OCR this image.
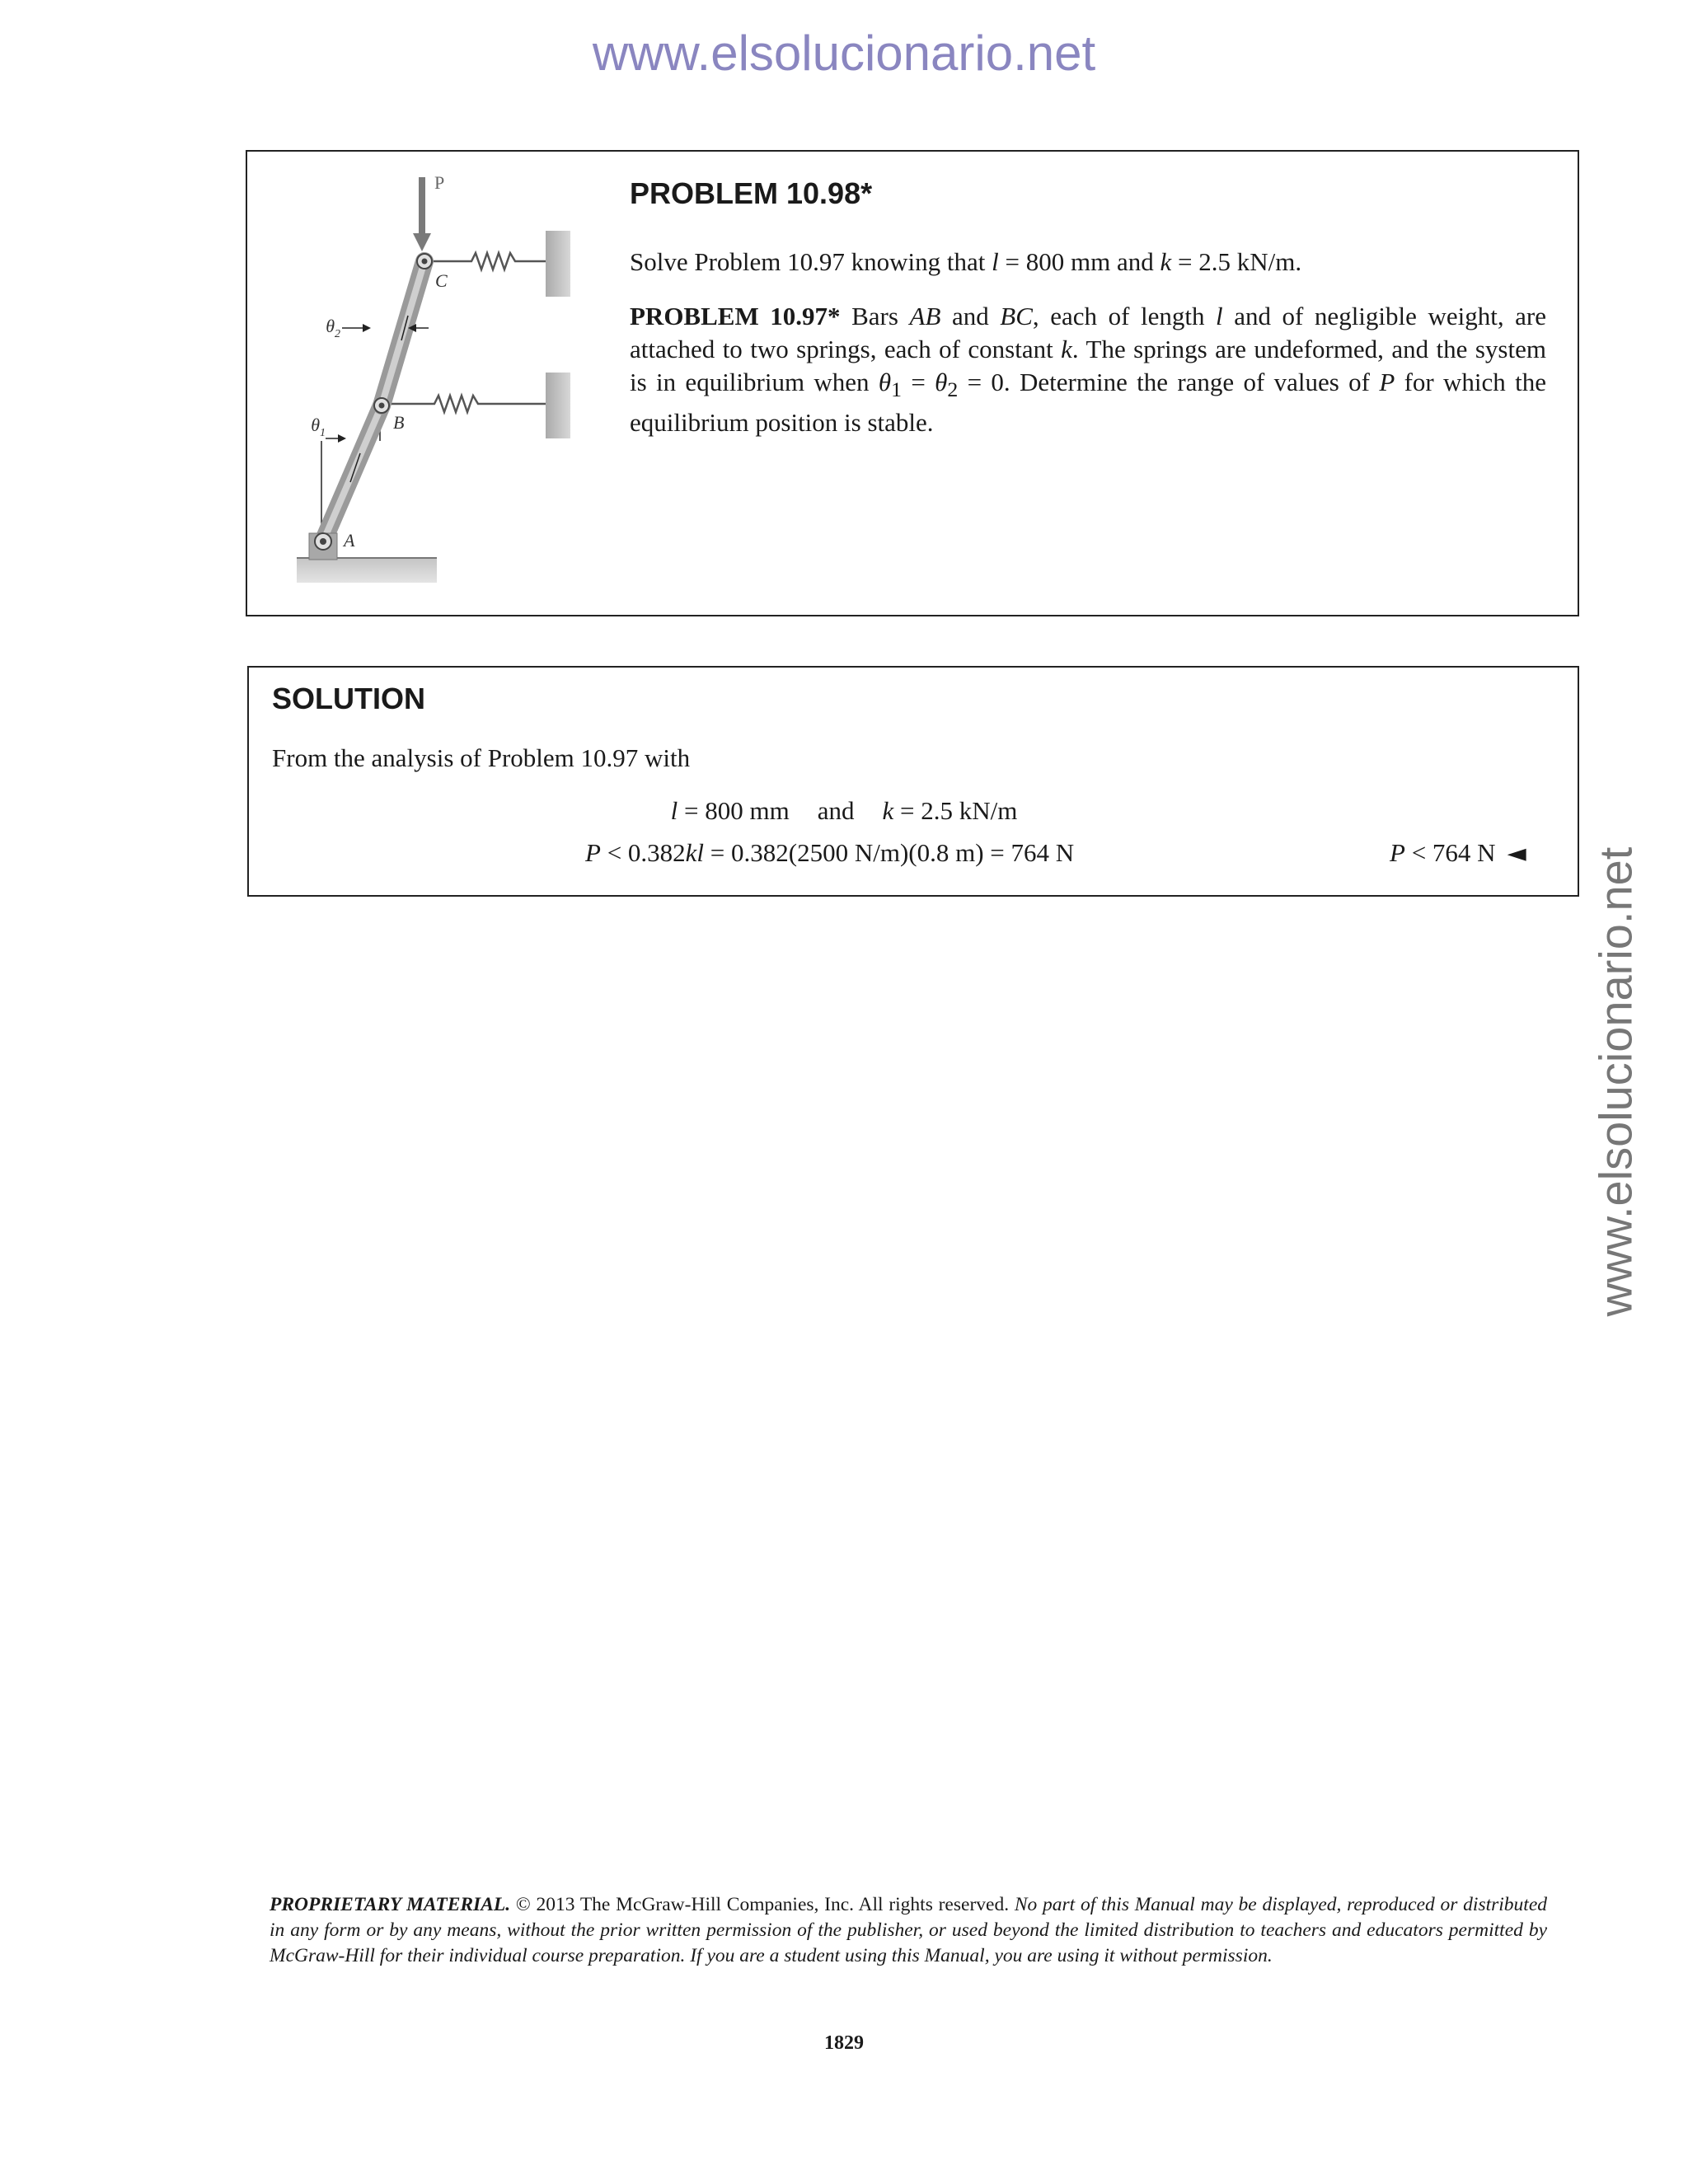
www.elsolucionario.net
www.elsolucionario.net
P
C
B
A
$\theta_2$
$\theta_1$
PROBLEM 10.98*

Solve Problem 10.97 knowing that l = 800 mm and k = 2.5 kN/m.

PROBLEM 10.97* Bars AB and BC, each of length l and of negligible weight, are attached to two springs, each of constant k. The springs are undeformed, and the system is in equilibrium when $\theta_1 = \theta_2 = 0$. Determine the range of values of P for which the equilibrium position is stable.

SOLUTION
From the analysis of Problem 10.97 with
l = 800 mm and k = 2.5 kN/m
P < 0.382kl = 0.382(2500 N/m)(0.8 m) = 764 N	P < 764 N ◄
PROPRIETARY MATERIAL. © 2013 The McGraw-Hill Companies, Inc. All rights reserved. No part of this Manual may be displayed, reproduced or distributed in any form or by any means, without the prior written permission of the publisher, or used beyond the limited distribution to teachers and educators permitted by McGraw-Hill for their individual course preparation. If you are a student using this Manual, you are using it without permission.
1829
